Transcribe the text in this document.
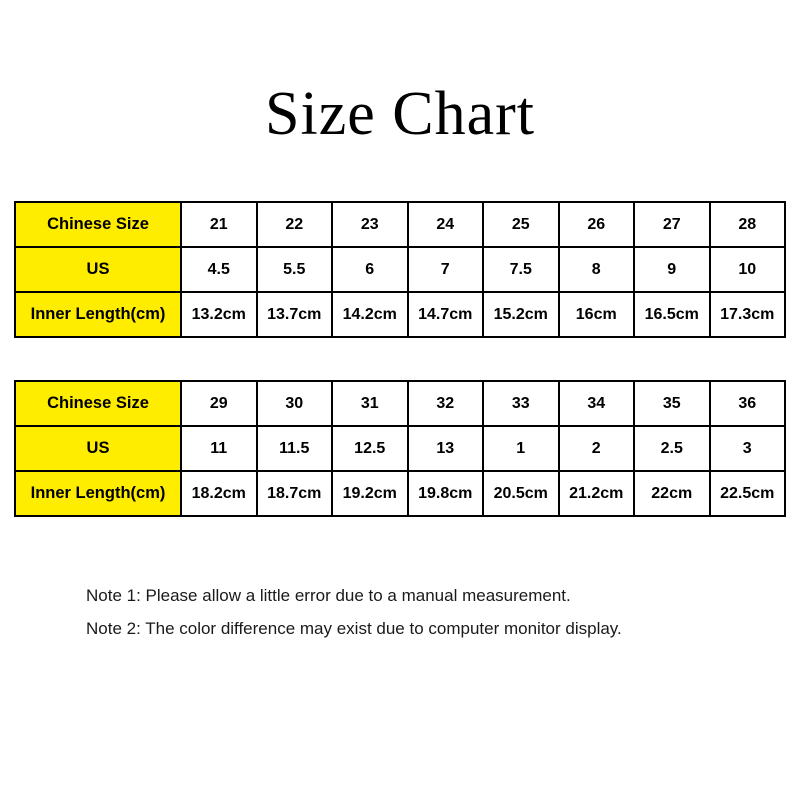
Size Chart
Chinese Size	21	22	23	24	25	26	27	28
US	4.5	5.5	6	7	7.5	8	9	10
Inner Length(cm)	13.2cm	13.7cm	14.2cm	14.7cm	15.2cm	16cm	16.5cm	17.3cm
Chinese Size	29	30	31	32	33	34	35	36
US	11	11.5	12.5	13	1	2	2.5	3
Inner Length(cm)	18.2cm	18.7cm	19.2cm	19.8cm	20.5cm	21.2cm	22cm	22.5cm
Note 1: Please allow a little error due to a manual measurement.
Note 2: The color difference may exist due to computer monitor display.
